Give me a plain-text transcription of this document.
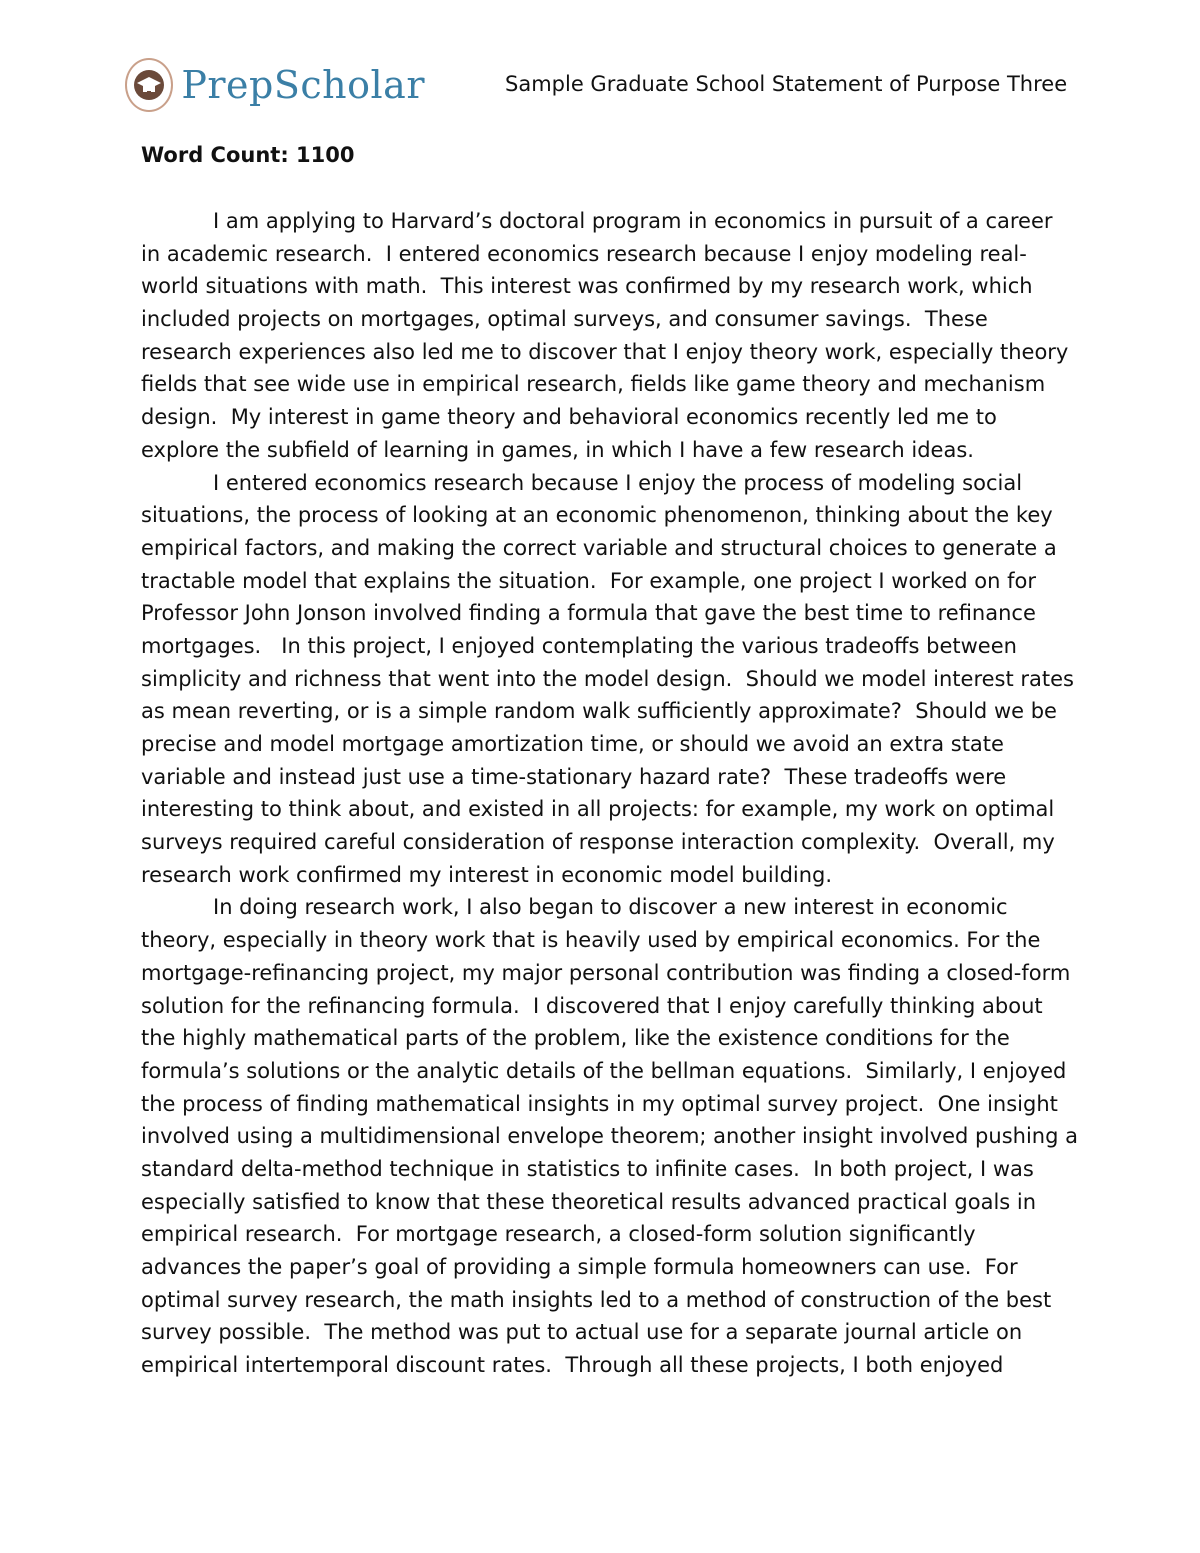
PrepScholar	Sample Graduate School Statement of Purpose Three
Word Count: 1100
I am applying to Harvard’s doctoral program in economics in pursuit of a career
in academic research.  I entered economics research because I enjoy modeling real-
world situations with math.  This interest was confirmed by my research work, which
included projects on mortgages, optimal surveys, and consumer savings.  These
research experiences also led me to discover that I enjoy theory work, especially theory
fields that see wide use in empirical research, fields like game theory and mechanism
design.  My interest in game theory and behavioral economics recently led me to
explore the subfield of learning in games, in which I have a few research ideas.
I entered economics research because I enjoy the process of modeling social
situations, the process of looking at an economic phenomenon, thinking about the key
empirical factors, and making the correct variable and structural choices to generate a
tractable model that explains the situation.  For example, one project I worked on for
Professor John Jonson involved finding a formula that gave the best time to refinance
mortgages.   In this project, I enjoyed contemplating the various tradeoffs between
simplicity and richness that went into the model design.  Should we model interest rates
as mean reverting, or is a simple random walk sufficiently approximate?  Should we be
precise and model mortgage amortization time, or should we avoid an extra state
variable and instead just use a time-stationary hazard rate?  These tradeoffs were
interesting to think about, and existed in all projects: for example, my work on optimal
surveys required careful consideration of response interaction complexity.  Overall, my
research work confirmed my interest in economic model building.
In doing research work, I also began to discover a new interest in economic
theory, especially in theory work that is heavily used by empirical economics. For the
mortgage-refinancing project, my major personal contribution was finding a closed-form
solution for the refinancing formula.  I discovered that I enjoy carefully thinking about
the highly mathematical parts of the problem, like the existence conditions for the
formula’s solutions or the analytic details of the bellman equations.  Similarly, I enjoyed
the process of finding mathematical insights in my optimal survey project.  One insight
involved using a multidimensional envelope theorem; another insight involved pushing a
standard delta-method technique in statistics to infinite cases.  In both project, I was
especially satisfied to know that these theoretical results advanced practical goals in
empirical research.  For mortgage research, a closed-form solution significantly
advances the paper’s goal of providing a simple formula homeowners can use.  For
optimal survey research, the math insights led to a method of construction of the best
survey possible.  The method was put to actual use for a separate journal article on
empirical intertemporal discount rates.  Through all these projects, I both enjoyed
